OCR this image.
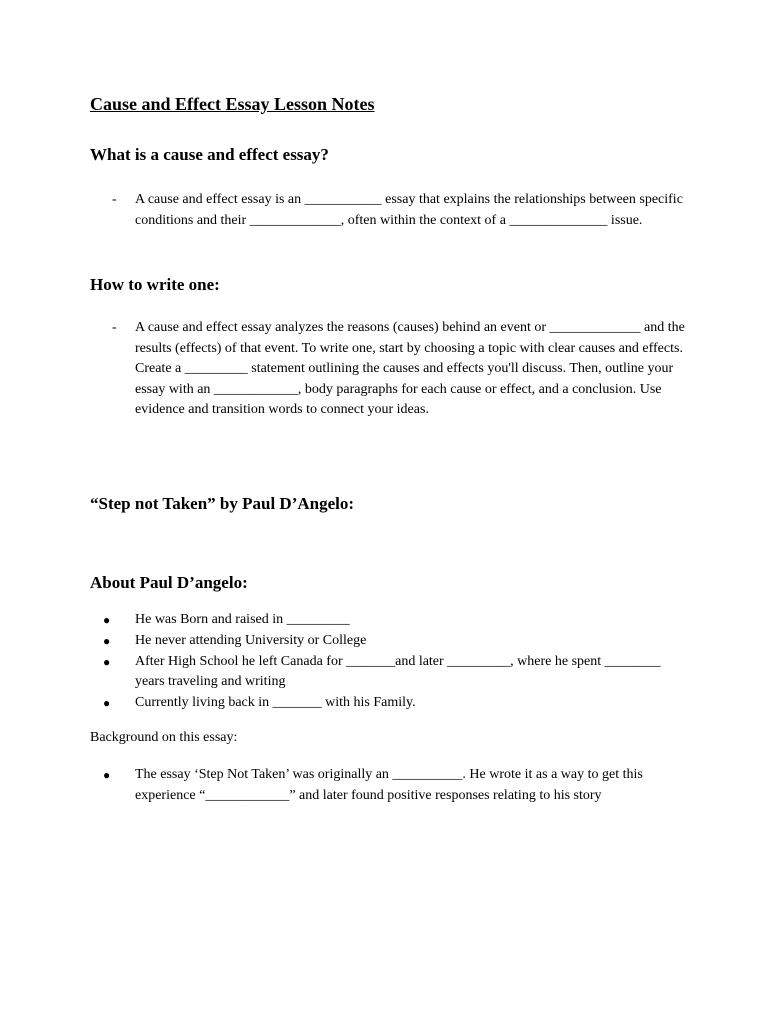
Cause and Effect Essay Lesson Notes
What is a cause and effect essay?

- A cause and effect essay is an ___________ essay that explains the relationships between specific conditions and their _____________, often within the context of a ______________ issue.

How to write one:

- A cause and effect essay analyzes the reasons (causes) behind an event or _____________ and the results (effects) of that event. To write one, start by choosing a topic with clear causes and effects. Create a _________ statement outlining the causes and effects you'll discuss. Then, outline your essay with an ____________, body paragraphs for each cause or effect, and a conclusion. Use evidence and transition words to connect your ideas.

“Step not Taken” by Paul D’Angelo:
About Paul D’angelo:
● He was Born and raised in _________
● He never attending University or College
● After High School he left Canada for _______and later _________, where he spent ________ years traveling and writing
● Currently living back in _______ with his Family.

Background on this essay:

● The essay ‘Step Not Taken’ was originally an __________. He wrote it as a way to get this experience “____________” and later found positive responses relating to his story
